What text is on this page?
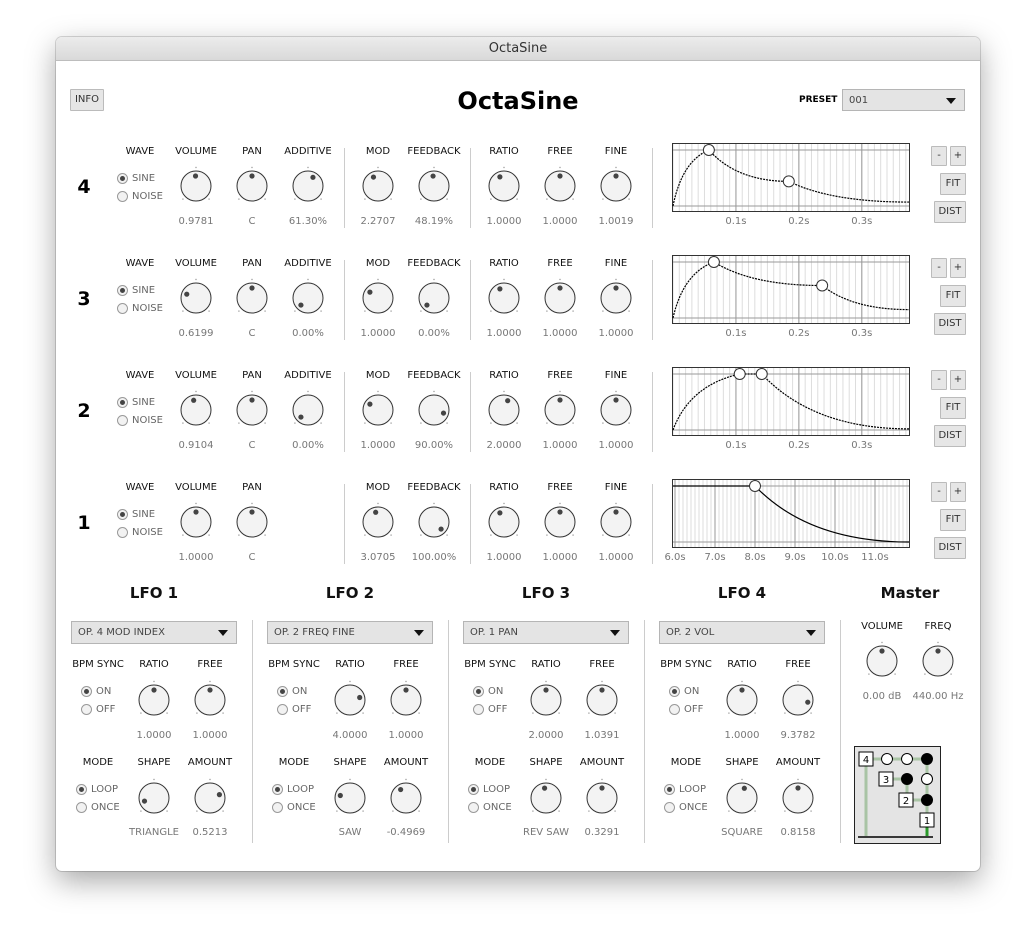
OctaSine
INFO	OctaSine	PRESET 001
4
WAVE
SINE
NOISE
VOLUME
0.9781
PAN
C
ADDITIVE
61.30%
MOD
2.2707
FEEDBACK
48.19%
RATIO
1.0000
FREE
1.0000
FINE
1.0019	0.1s	0.2s	0.3s
-	+
FIT
DIST
3
WAVE
SINE
NOISE
VOLUME
0.6199
PAN
C
ADDITIVE
0.00%
MOD
1.0000
FEEDBACK
0.00%
RATIO
1.0000
FREE
1.0000
FINE
1.0000	0.1s	0.2s	0.3s
-	+
FIT
DIST
2
WAVE
SINE
NOISE
VOLUME
0.9104
PAN
C
ADDITIVE
0.00%
MOD
1.0000
FEEDBACK
90.00%
RATIO
2.0000
FREE
1.0000
FINE
1.0000	0.1s	0.2s	0.3s
-	+
FIT
DIST
1
WAVE
SINE
NOISE
VOLUME
1.0000
PAN
C
MOD
3.0705
FEEDBACK
100.00%
RATIO
1.0000
FREE
1.0000
FINE
1.0000	6.0s 7.0s 8.0s 9.0s 10.0s 11.0s
-	+
FIT
DIST
LFO 1
OP. 4 MOD INDEX
BPM SYNC
ON
OFF
RATIO
1.0000
FREE
1.0000
SHAPE
TRIANGLE
AMOUNT
0.5213
MODE
LOOP
ONCE
LFO 2
OP. 2 FREQ FINE
BPM SYNC
ON
OFF
RATIO
4.0000
FREE
1.0000
SHAPE
SAW
AMOUNT
-0.4969
MODE
LOOP
ONCE
LFO 3
OP. 1 PAN
BPM SYNC
ON
OFF
RATIO
2.0000
FREE
1.0391
SHAPE
REV SAW
AMOUNT
0.3291
MODE
LOOP
ONCE
LFO 4
OP. 2 VOL
BPM SYNC
ON
OFF
RATIO
1.0000
FREE
9.3782
SHAPE
SQUARE
AMOUNT
0.8158
MODE
LOOP
ONCE
Master
VOLUME
0.00 dB
FREQ
440.00 Hz
4
3
2
1
